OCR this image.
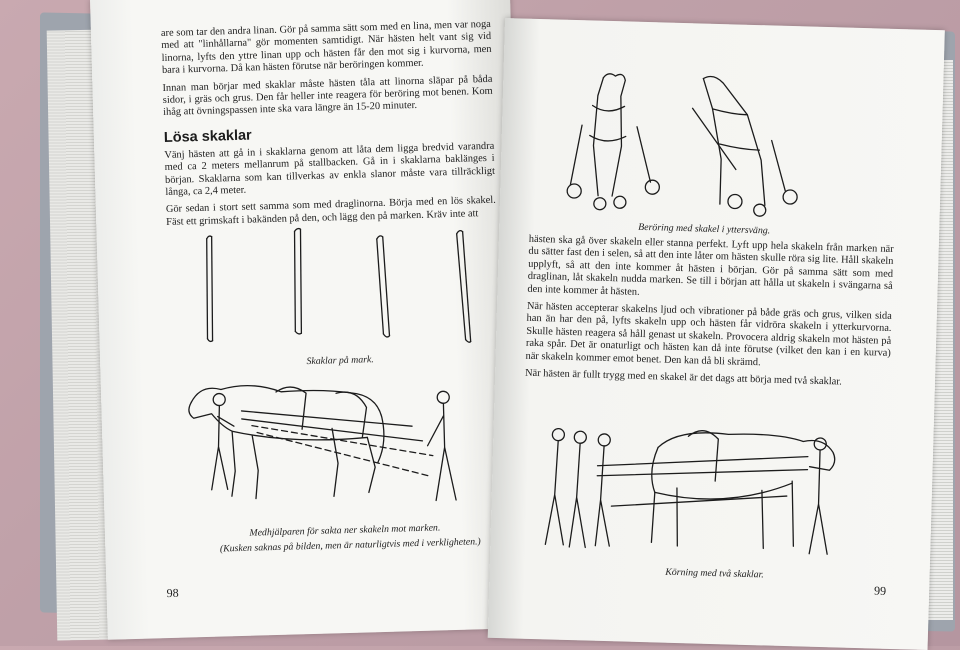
are som tar den andra linan. Gör på samma sätt som med en lina, men var noga med att "linhållarna" gör momenten samtidigt. När hästen helt vant sig vid linorna, lyfts den yttre linan upp och hästen får den mot sig i kurvorna, men bara i kurvorna. Då kan hästen förutse när beröringen kommer.

Innan man börjar med skaklar måste hästen tåla att linorna släpar på båda sidor, i gräs och grus. Den får heller inte reagera för beröring mot benen. Kom ihåg att övningspassen inte ska vara längre än 15-20 minuter.

Lösa skaklar

Vänj hästen att gå in i skaklarna genom att låta dem ligga bredvid varandra med ca 2 meters mellanrum på stallbacken. Gå in i skaklarna baklänges i början. Skaklarna som kan tillverkas av enkla slanor måste vara tillräckligt långa, ca 2,4 meter.

Gör sedan i stort sett samma som med draglinorna. Börja med en lös skakel. Fäst ett grimskaft i bakänden på den, och lägg den på marken. Kräv inte att

Skaklar på mark.
Medhjälparen för sakta ner skakeln mot marken.
(Kusken saknas på bilden, men är naturligtvis med i verkligheten.)
98
Beröring med skakel i yttersväng.

hästen ska gå över skakeln eller stanna perfekt. Lyft upp hela skakeln från marken när du sätter fast den i selen, så att den inte låter om hästen skulle röra sig lite. Håll skakeln upplyft, så att den inte kommer åt hästen i början. Gör på samma sätt som med draglinan, låt skakeln nudda marken. Se till i början att hålla ut skakeln i svängarna så den inte kommer åt hästen.

När hästen accepterar skakelns ljud och vibrationer på både gräs och grus, vilken sida han än har den på, lyfts skakeln upp och hästen får vidröra skakeln i ytterkurvorna. Skulle hästen reagera så håll genast ut skakeln. Provocera aldrig skakeln mot hästen på raka spår. Det är onaturligt och hästen kan då inte förutse (vilket den kan i en kurva) när skakeln kommer emot benet. Den kan då bli skrämd.

När hästen är fullt trygg med en skakel är det dags att börja med två skaklar.

Körning med två skaklar.
99
